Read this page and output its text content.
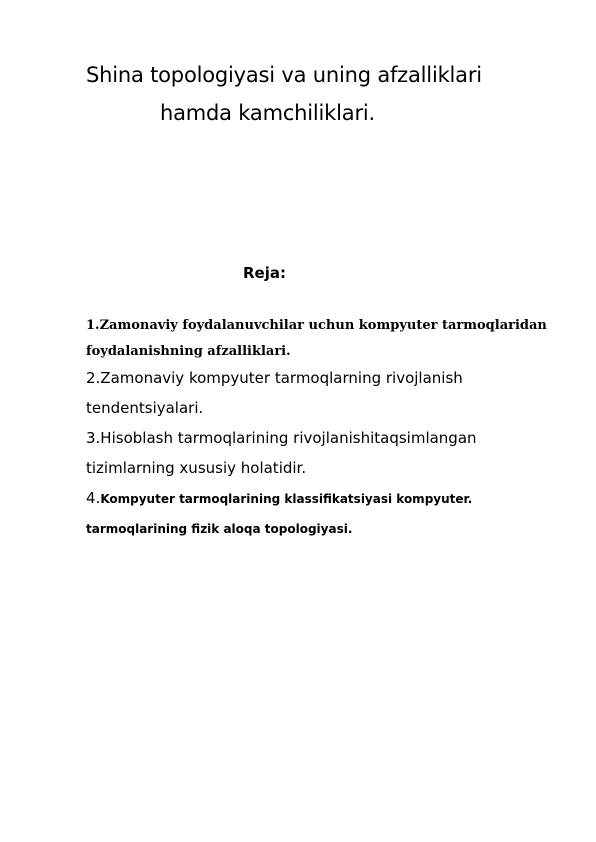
Shina topologiyasi va uning afzalliklari
hamda kamchiliklari.
Reja:
1.Zamonaviy foydalanuvchilar uchun kompyuter tarmoqlaridan
foydalanishning afzalliklari.
2.Zamonaviy kompyuter tarmoqlarning rivojlanish
tendentsiyalari.
3.Hisoblash tarmoqlarining rivojlanishitaqsimlangan
tizimlarning xususiy holatidir.
4.Kompyuter tarmoqlarining klassifikatsiyasi kompyuter.
tarmoqlarining fizik aloqa topologiyasi.
